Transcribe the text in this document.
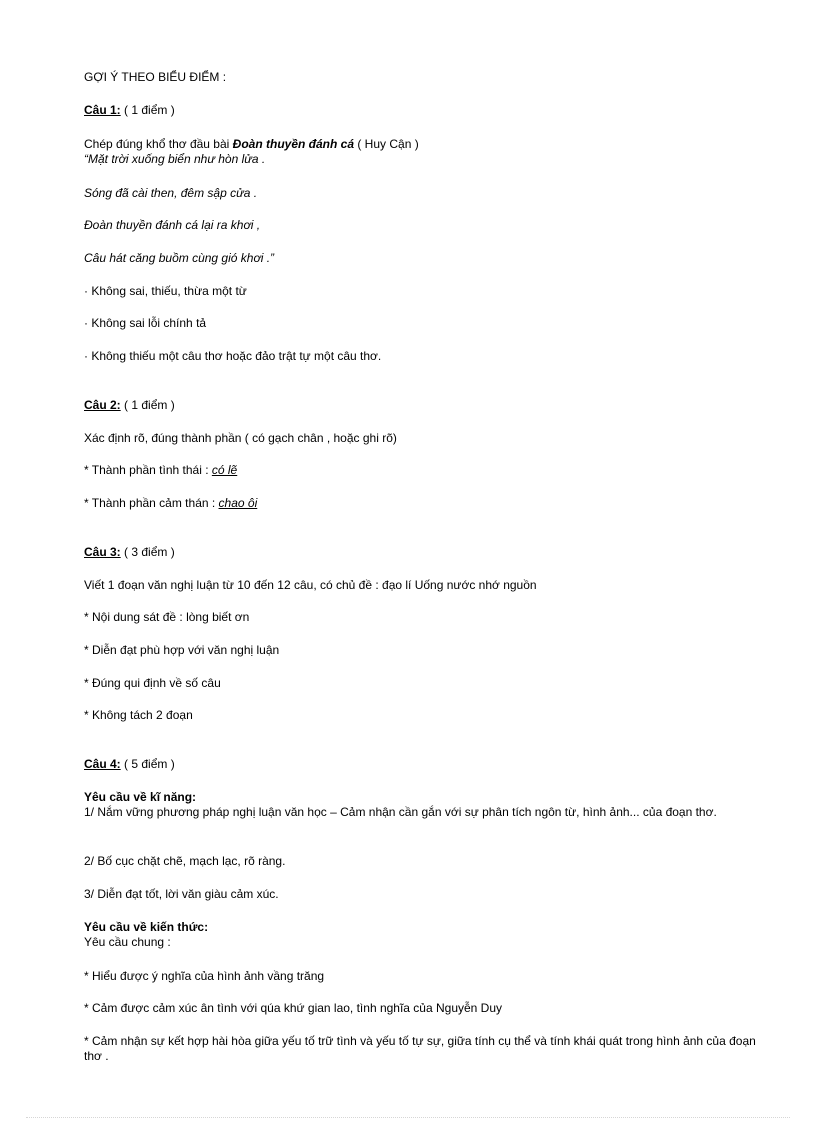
GỢI Ý THEO BIỂU ĐIỂM :
Câu 1: ( 1 điểm )
Chép đúng khổ thơ đầu bài Đoàn thuyền đánh cá ( Huy Cận )
“Mặt trời xuống biển như hòn lửa .
Sóng đã cài then, đêm sập cửa .
Đoàn thuyền đánh cá lại ra khơi ,
Câu hát căng buồm cùng gió khơi .”
· Không sai, thiếu, thừa một từ
· Không sai lỗi chính tả
· Không thiếu một câu thơ hoặc đảo trật tự một câu thơ.
Câu 2: ( 1 điểm )
Xác định rõ, đúng thành phần ( có gạch chân , hoặc ghi rõ)
* Thành phần tình thái : có lẽ
* Thành phần cảm thán : chao ôi
Câu 3: ( 3 điểm )
Viết 1 đoạn văn nghị luận từ 10 đến 12 câu, có chủ đề : đạo lí Uống nước nhớ nguồn
* Nội dung sát đề : lòng biết ơn
* Diễn đạt phù hợp với văn nghị luận
* Đúng qui định về số câu
* Không tách 2 đoạn
Câu 4: ( 5 điểm )
Yêu cầu về kĩ năng:
1/ Nắm vững phương pháp nghị luận văn học – Cảm nhận cần gắn với sự phân tích ngôn từ, hình ảnh... của đoạn thơ.
2/ Bố cục chặt chẽ, mạch lạc, rõ ràng.
3/ Diễn đạt tốt, lời văn giàu cảm xúc.
Yêu cầu về kiến thức:
Yêu cầu chung :
* Hiểu được ý nghĩa của hình ảnh vầng trăng
* Cảm được cảm xúc ân tình với qúa khứ gian lao, tình nghĩa của Nguyễn Duy
* Cảm nhận sự kết hợp hài hòa giữa yếu tố trữ tình và yếu tố tự sự, giữa tính cụ thể và tính khái quát trong hình ảnh của đoạn thơ .
